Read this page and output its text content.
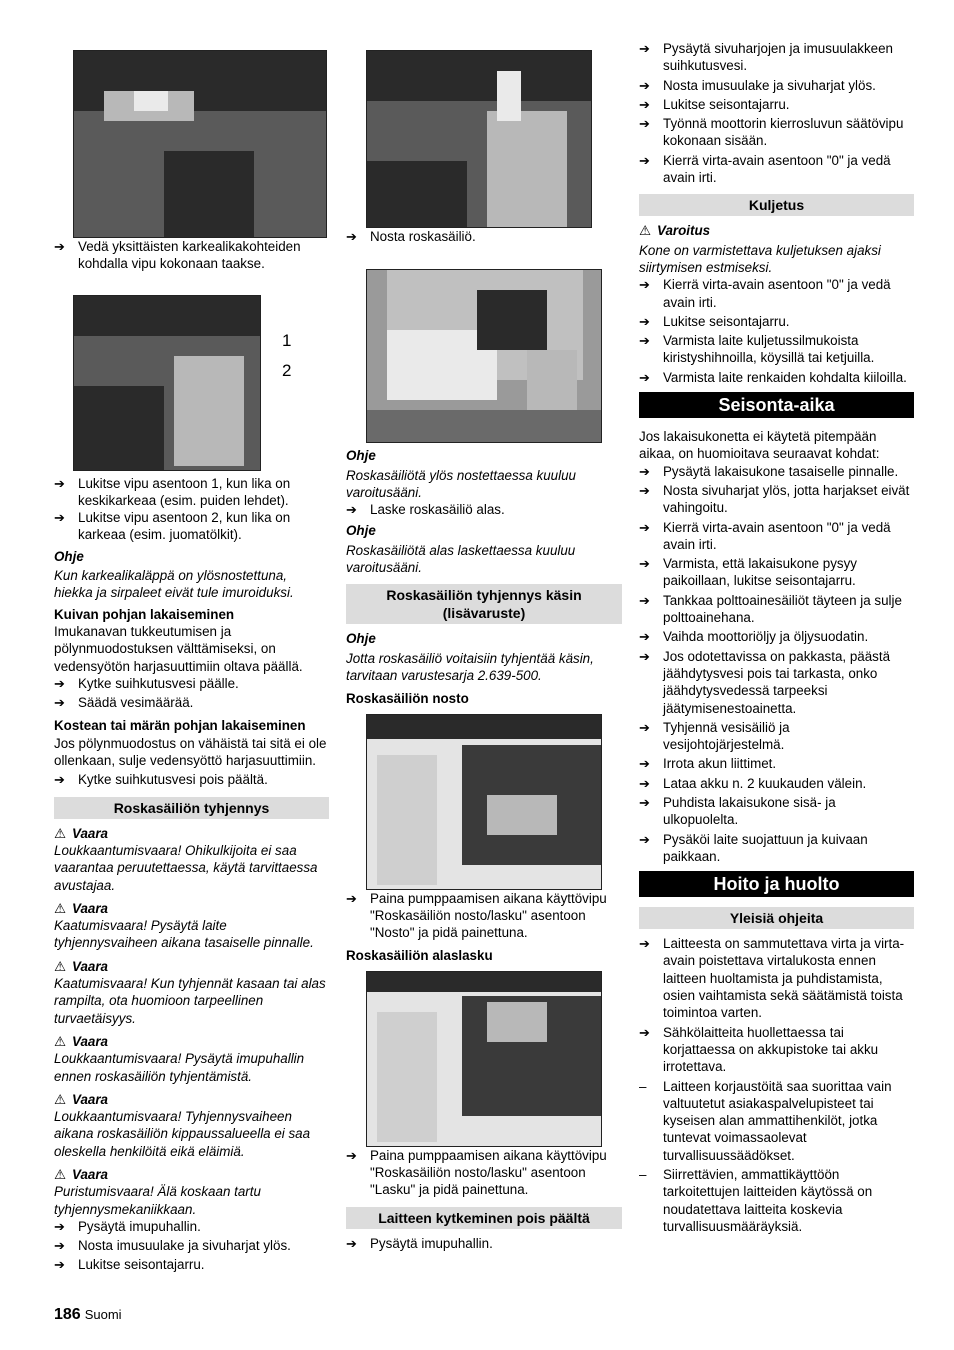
➔ Vedä yksittäisten karkealikakohteiden kohdalla vipu kokonaan taakse.
1
2
➔ Lukitse vipu asentoon 1, kun lika on keskikarkeaa (esim. puiden lehdet).
➔ Lukitse vipu asentoon 2, kun lika on karkeaa (esim. juomatölkit).
Ohje
Kun karkealikaläppä on ylösnostettuna, hiekka ja sirpaleet eivät tule imuroiduksi.
Kuivan pohjan lakaiseminen
Imukanavan tukkeutumisen ja pölynmuodostuksen välttämiseksi, on vedensyötön harjasuuttimiin oltava päällä.
➔ Kytke suihkutusvesi päälle.
➔ Säädä vesimäärää.
Kostean tai märän pohjan lakaiseminen
Jos pölynmuodostus on vähäistä tai sitä ei ole ollenkaan, sulje vedensyöttö harjasuuttimiin.
➔ Kytke suihkutusvesi pois päältä.
Roskasäiliön tyhjennys
⚠ Vaara
Loukkaantumisvaara! Ohikulkijoita ei saa vaarantaa peruutettaessa, käytä tarvittaessa avustajaa.
⚠ Vaara
Kaatumisvaara! Pysäytä laite tyhjennysvaiheen aikana tasaiselle pinnalle.
⚠ Vaara
Kaatumisvaara! Kun tyhjennät kasaan tai alas rampilta, ota huomioon tarpeellinen turvaetäisyys.
⚠ Vaara
Loukkaantumisvaara! Pysäytä imupuhallin ennen roskasäiliön tyhjentämistä.
⚠ Vaara
Loukkaantumisvaara! Tyhjennysvaiheen aikana roskasäiliön kippaussalueella ei saa oleskella henkilöitä eikä eläimiä.
⚠ Vaara
Puristumisvaara! Älä koskaan tartu tyhjennysmekaniikkaan.
➔ Pysäytä imupuhallin.
➔ Nosta imusuulake ja sivuharjat ylös.
➔ Lukitse seisontajarru.
➔ Nosta roskasäiliö.
Ohje
Roskasäiliötä ylös nostettaessa kuuluu varoitusääni.
➔ Laske roskasäiliö alas.
Ohje
Roskasäiliötä alas laskettaessa kuuluu varoitusääni.
Roskasäiliön tyhjennys käsin (lisävaruste)
Ohje
Jotta roskasäiliö voitaisiin tyhjentää käsin, tarvitaan varustesarja 2.639-500.
Roskasäiliön nosto
➔ Paina pumppaamisen aikana käyttövipu "Roskasäiliön nosto/lasku" asentoon "Nosto" ja pidä painettuna.
Roskasäiliön alaslasku
➔ Paina pumppaamisen aikana käyttövipu "Roskasäiliön nosto/lasku" asentoon "Lasku" ja pidä painettuna.
Laitteen kytkeminen pois päältä
➔ Pysäytä imupuhallin.
➔ Pysäytä sivuharjojen ja imusuulakkeen suihkutusvesi.
➔ Nosta imusuulake ja sivuharjat ylös.
➔ Lukitse seisontajarru.
➔ Työnnä moottorin kierrosluvun säätövipu kokonaan sisään.
➔ Kierrä virta-avain asentoon "0" ja vedä avain irti.
Kuljetus
⚠ Varoitus
Kone on varmistettava kuljetuksen ajaksi siirtymisen estmiseksi.
➔ Kierrä virta-avain asentoon "0" ja vedä avain irti.
➔ Lukitse seisontajarru.
➔ Varmista laite kuljetussilmukoista kiristyshihnoilla, köysillä tai ketjuilla.
➔ Varmista laite renkaiden kohdalta kiiloilla.
Seisonta-aika
Jos lakaisukonetta ei käytetä pitempään aikaa, on huomioitava seuraavat kohdat:
➔ Pysäytä lakaisukone tasaiselle pinnalle.
➔ Nosta sivuharjat ylös, jotta harjakset eivät vahingoitu.
➔ Kierrä virta-avain asentoon "0" ja vedä avain irti.
➔ Varmista, että lakaisukone pysyy paikoillaan, lukitse seisontajarru.
➔ Tankkaa polttoainesäiliöt täyteen ja sulje polttoainehana.
➔ Vaihda moottoriöljy ja öljysuodatin.
➔ Jos odotettavissa on pakkasta, päästä jäähdytysvesi pois tai tarkasta, onko jäähdytysvedessä tarpeeksi jäätymisenestoainetta.
➔ Tyhjennä vesisäiliö ja vesijohtojärjestelmä.
➔ Irrota akun liittimet.
➔ Lataa akku n. 2 kuukauden välein.
➔ Puhdista lakaisukone sisä- ja ulkopuolelta.
➔ Pysäköi laite suojattuun ja kuivaan paikkaan.
Hoito ja huolto
Yleisiä ohjeita
➔ Laitteesta on sammutettava virta ja virta-avain poistettava virtalukosta ennen laitteen huoltamista ja puhdistamista, osien vaihtamista sekä säätämistä toista toimintoa varten.
➔ Sähkölaitteita huollettaessa tai korjattaessa on akkupistoke tai akku irrotettava.
– Laitteen korjaustöitä saa suorittaa vain valtuutetut asiakaspalvelupisteet tai kyseisen alan ammattihenkilöt, jotka tuntevat voimassaolevat turvallisuussäädökset.
– Siirrettävien, ammattikäyttöön tarkoitettujen laitteiden käytössä on noudatettava laitteita koskevia turvallisuusmääräyksiä.
186 Suomi
